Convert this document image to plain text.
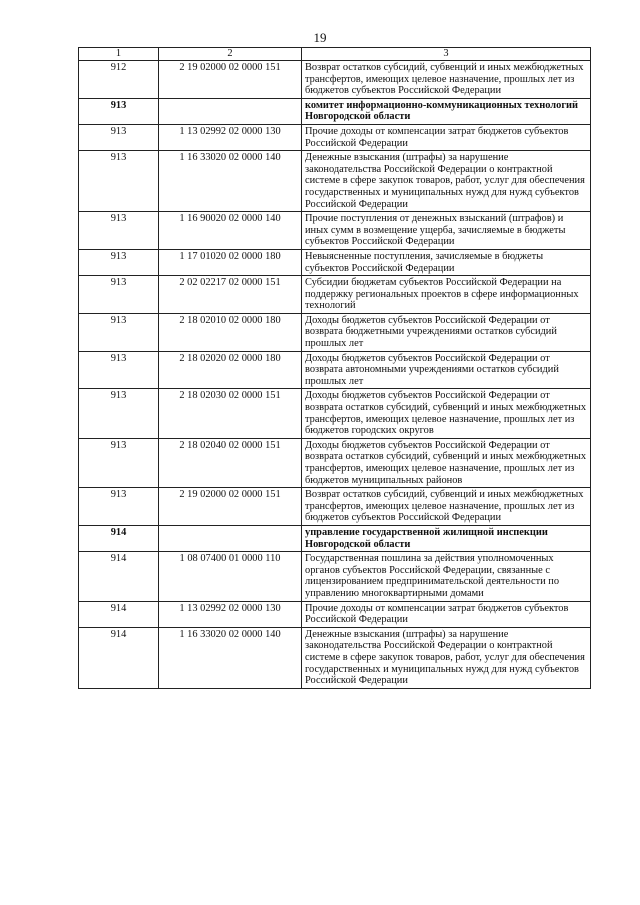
19
1	2	3
912	2 19 02000 02 0000 151	Возврат остатков субсидий, субвенций и иных межбюджетных трансфертов, имеющих целевое назначение, прошлых лет из бюджетов субъектов Российской Федерации
913		комитет информационно-коммуникационных технологий Новгородской области
913	1 13 02992 02 0000 130	Прочие доходы от компенсации затрат бюджетов субъектов Российской Федерации
913	1 16 33020 02 0000 140	Денежные взыскания (штрафы) за нарушение законодательства Российской Федерации о контрактной системе в сфере закупок товаров, работ, услуг для обеспечения государственных и муниципальных нужд для нужд субъектов Российской Федерации
913	1 16 90020 02 0000 140	Прочие поступления от денежных взысканий (штрафов) и иных сумм в возмещение ущерба, зачисляемые в бюджеты субъектов Российской Федерации
913	1 17 01020 02 0000 180	Невыясненные поступления, зачисляемые в бюджеты субъектов Российской Федерации
913	2 02 02217 02 0000 151	Субсидии бюджетам субъектов Российской Федерации на поддержку региональных проектов в сфере информационных технологий
913	2 18 02010 02 0000 180	Доходы бюджетов субъектов Российской Федерации от возврата бюджетными учреждениями остатков субсидий прошлых лет
913	2 18 02020 02 0000 180	Доходы бюджетов субъектов Российской Федерации от возврата автономными учреждениями остатков субсидий прошлых лет
913	2 18 02030 02 0000 151	Доходы бюджетов субъектов Российской Федерации от возврата остатков субсидий, субвенций и иных межбюджетных трансфертов, имеющих целевое назначение, прошлых лет из бюджетов городских округов
913	2 18 02040 02 0000 151	Доходы бюджетов субъектов Российской Федерации от возврата остатков субсидий, субвенций и иных межбюджетных трансфертов, имеющих целевое назначение, прошлых лет из бюджетов муниципальных районов
913	2 19 02000 02 0000 151	Возврат остатков субсидий, субвенций и иных межбюджетных трансфертов, имеющих целевое назначение, прошлых лет из бюджетов субъектов Российской Федерации
914		управление государственной жилищной инспекции Новгородской области
914	1 08 07400 01 0000 110	Государственная пошлина за действия уполномоченных органов субъектов Российской Федерации, связанные с лицензированием предпринимательской деятельности по управлению многоквартирными домами
914	1 13 02992 02 0000 130	Прочие доходы от компенсации затрат бюджетов субъектов Российской Федерации
914	1 16 33020 02 0000 140	Денежные взыскания (штрафы) за нарушение законодательства Российской Федерации о контрактной системе в сфере закупок товаров, работ, услуг для обеспечения государственных и муниципальных нужд для нужд субъектов Российской Федерации
